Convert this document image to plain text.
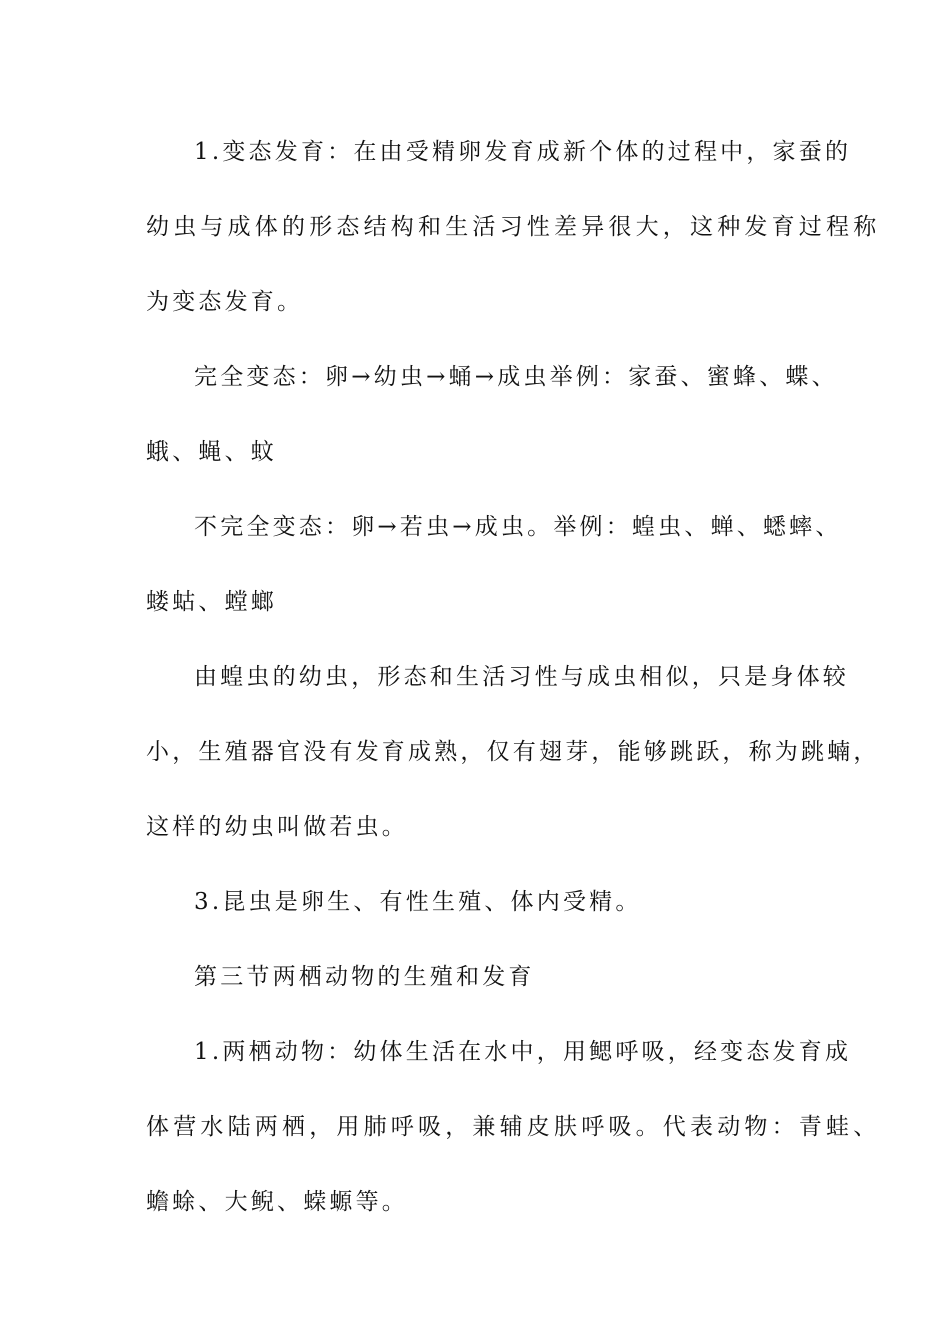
1.变态发育：在由受精卵发育成新个体的过程中，家蚕的

幼虫与成体的形态结构和生活习性差异很大，这种发育过程称

为变态发育。

完全变态：卵→幼虫→蛹→成虫举例：家蚕、蜜蜂、蝶、

蛾、蝇、蚊

不完全变态：卵→若虫→成虫。举例：蝗虫、蝉、蟋蟀、

蝼蛄、螳螂

由蝗虫的幼虫，形态和生活习性与成虫相似，只是身体较

小，生殖器官没有发育成熟，仅有翅芽，能够跳跃，称为跳蝻，

这样的幼虫叫做若虫。

3.昆虫是卵生、有性生殖、体内受精。

第三节两栖动物的生殖和发育

1.两栖动物：幼体生活在水中，用鳃呼吸，经变态发育成

体营水陆两栖，用肺呼吸，兼辅皮肤呼吸。代表动物：青蛙、

蟾蜍、大鲵、蝾螈等。
